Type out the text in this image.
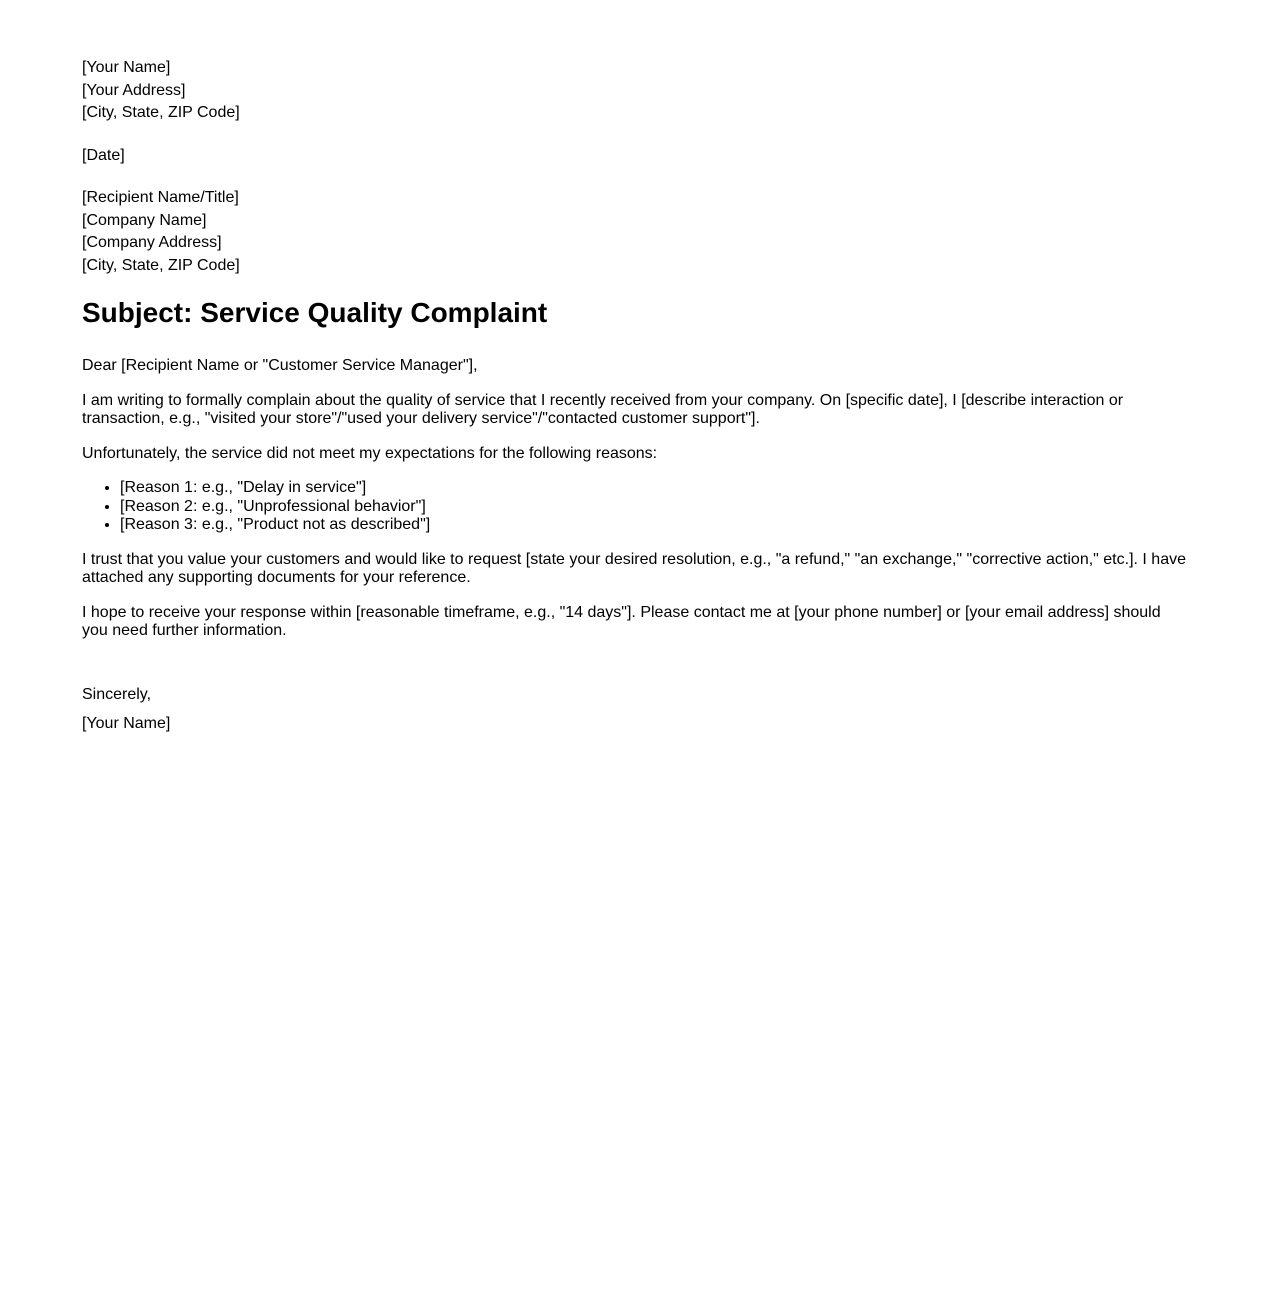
[Your Name]

[Your Address]

[City, State, ZIP Code]

[Date]

[Recipient Name/Title]

[Company Name]

[Company Address]

[City, State, ZIP Code]

Subject: Service Quality Complaint

Dear [Recipient Name or "Customer Service Manager"],

I am writing to formally complain about the quality of service that I recently received from your company. On [specific date], I [describe interaction or transaction, e.g., "visited your store"/"used your delivery service"/"contacted customer support"].

Unfortunately, the service did not meet my expectations for the following reasons:

• [Reason 1: e.g., "Delay in service"]
• [Reason 2: e.g., "Unprofessional behavior"]
• [Reason 3: e.g., "Product not as described"]

I trust that you value your customers and would like to request [state your desired resolution, e.g., "a refund," "an exchange," "corrective action," etc.]. I have attached any supporting documents for your reference.

I hope to receive your response within [reasonable timeframe, e.g., "14 days"]. Please contact me at [your phone number] or [your email address] should you need further information.

Sincerely,

[Your Name]
